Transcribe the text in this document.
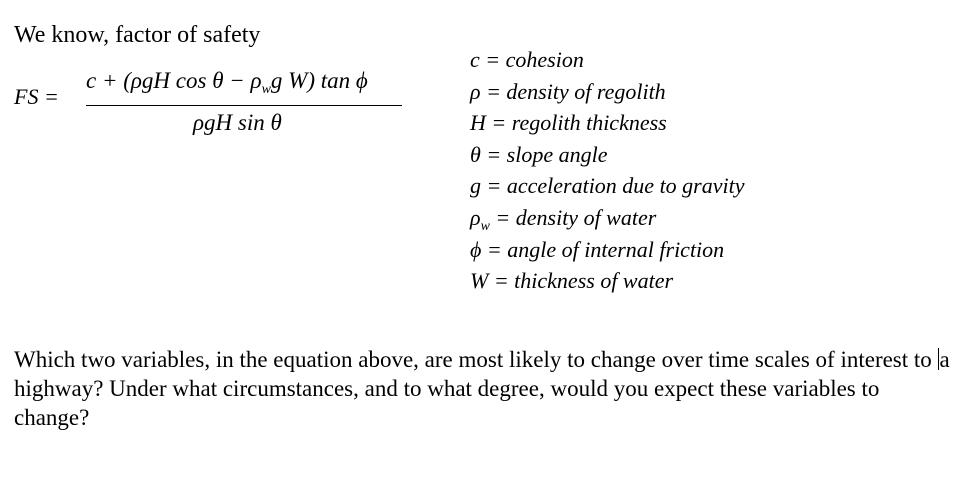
We know, factor of safety
FS =
c + (ρgH $\cos \theta - \rho_wg$ W) tan ϕ
ρgH sin θ
c = cohesion
ρ = density of regolith
H = regolith thickness
θ = slope angle
g = acceleration due to gravity
$\rho_w$ = density of water
ϕ = angle of internal friction
W = thickness of water

Which two variables, in the equation above, are most likely to change over time scales of interest to a highway? Under what circumstances, and to what degree, would you expect these variables to change?
